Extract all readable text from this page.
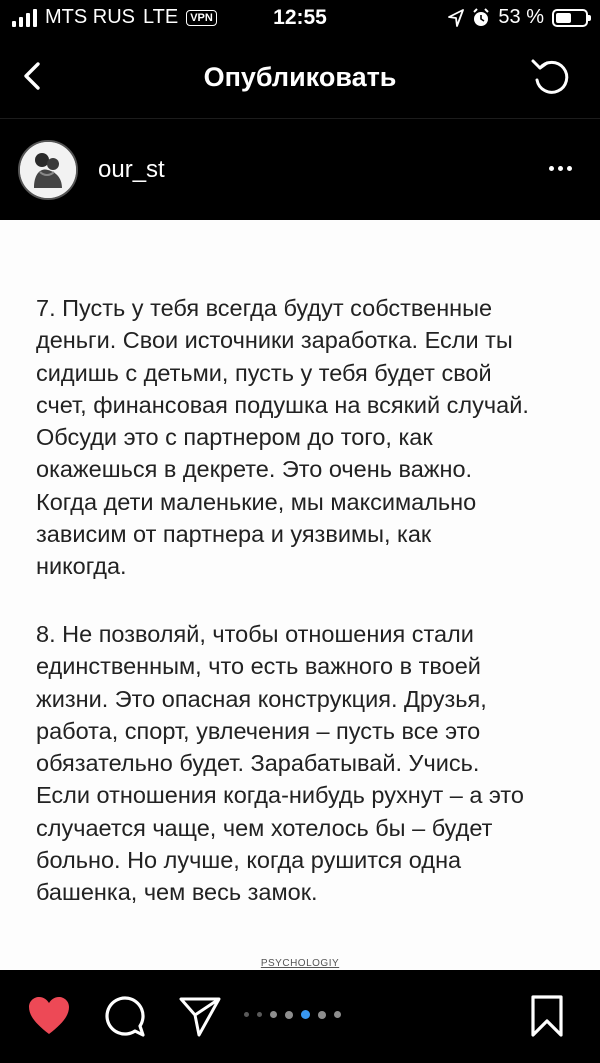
MTS RUS LTE	VPN	12:55	53 %
Опубликовать
our_st

7. Пусть у тебя всегда будут собственные
деньги. Свои источники заработка. Если ты
сидишь с детьми, пусть у тебя будет свой
счет, финансовая подушка на всякий случай.
Обсуди это с партнером до того, как
окажешься в декрете. Это очень важно.
Когда дети маленькие, мы максимально
зависим от партнера и уязвимы, как
никогда.

8. Не позволяй, чтобы отношения стали
единственным, что есть важного в твоей
жизни. Это опасная конструкция. Друзья,
работа, спорт, увлечения – пусть все это
обязательно будет. Зарабатывай. Учись.
Если отношения когда-нибудь рухнут – а это
случается чаще, чем хотелось бы – будет
больно. Но лучше, когда рушится одна
башенка, чем весь замок.

PSYCHOLOGIY
